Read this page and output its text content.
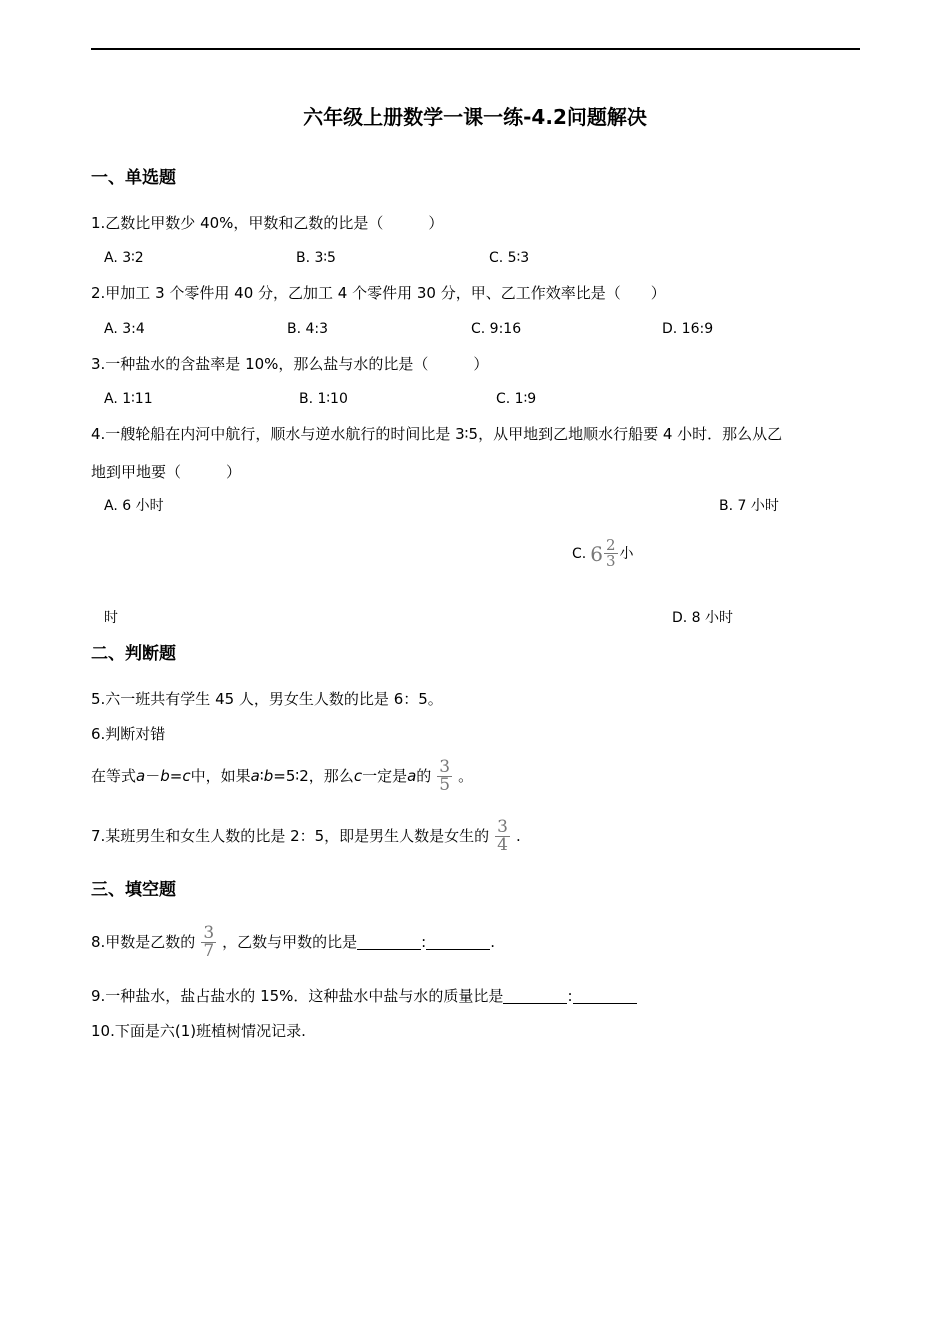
六年级上册数学一课一练-4.2问题解决
一、单选题
1.乙数比甲数少 40%，甲数和乙数的比是（　　　）
A. 3∶2	B. 3∶5	C. 5∶3
2.甲加工 3 个零件用 40 分，乙加工 4 个零件用 30 分，甲、乙工作效率比是（　　）
A. 3:4	B. 4:3	C. 9:16	D. 16:9
3.一种盐水的含盐率是 10%，那么盐与水的比是（　　　）
A. 1∶11	B. 1∶10	C. 1∶9
4.一艘轮船在内河中航行，顺水与逆水航行的时间比是 3∶5，从甲地到乙地顺水行船要 4 小时．那么从乙
地到甲地要（　　　）
A. 6 小时	B. 7 小时
C. $6 \frac{2}{3}$ 小
时	D. 8 小时
二、判断题
5.六一班共有学生 45 人，男女生人数的比是 6：5。
6.判断对错
在等式 a － b = c 中，如果 a ∶ b =5∶2，那么 c 一定是 a 的 $\frac{3}{5}$ 。
7.某班男生和女生人数的比是 2：5，即是男生人数是女生的 $\frac{3}{4}$ .
三、填空题
8.甲数是乙数的 $\frac{3}{7}$ ，乙数与甲数的比是	:	.
9.一种盐水，盐占盐水的 15%．这种盐水中盐与水的质量比是	:
10.下面是六(1)班植树情况记录.
